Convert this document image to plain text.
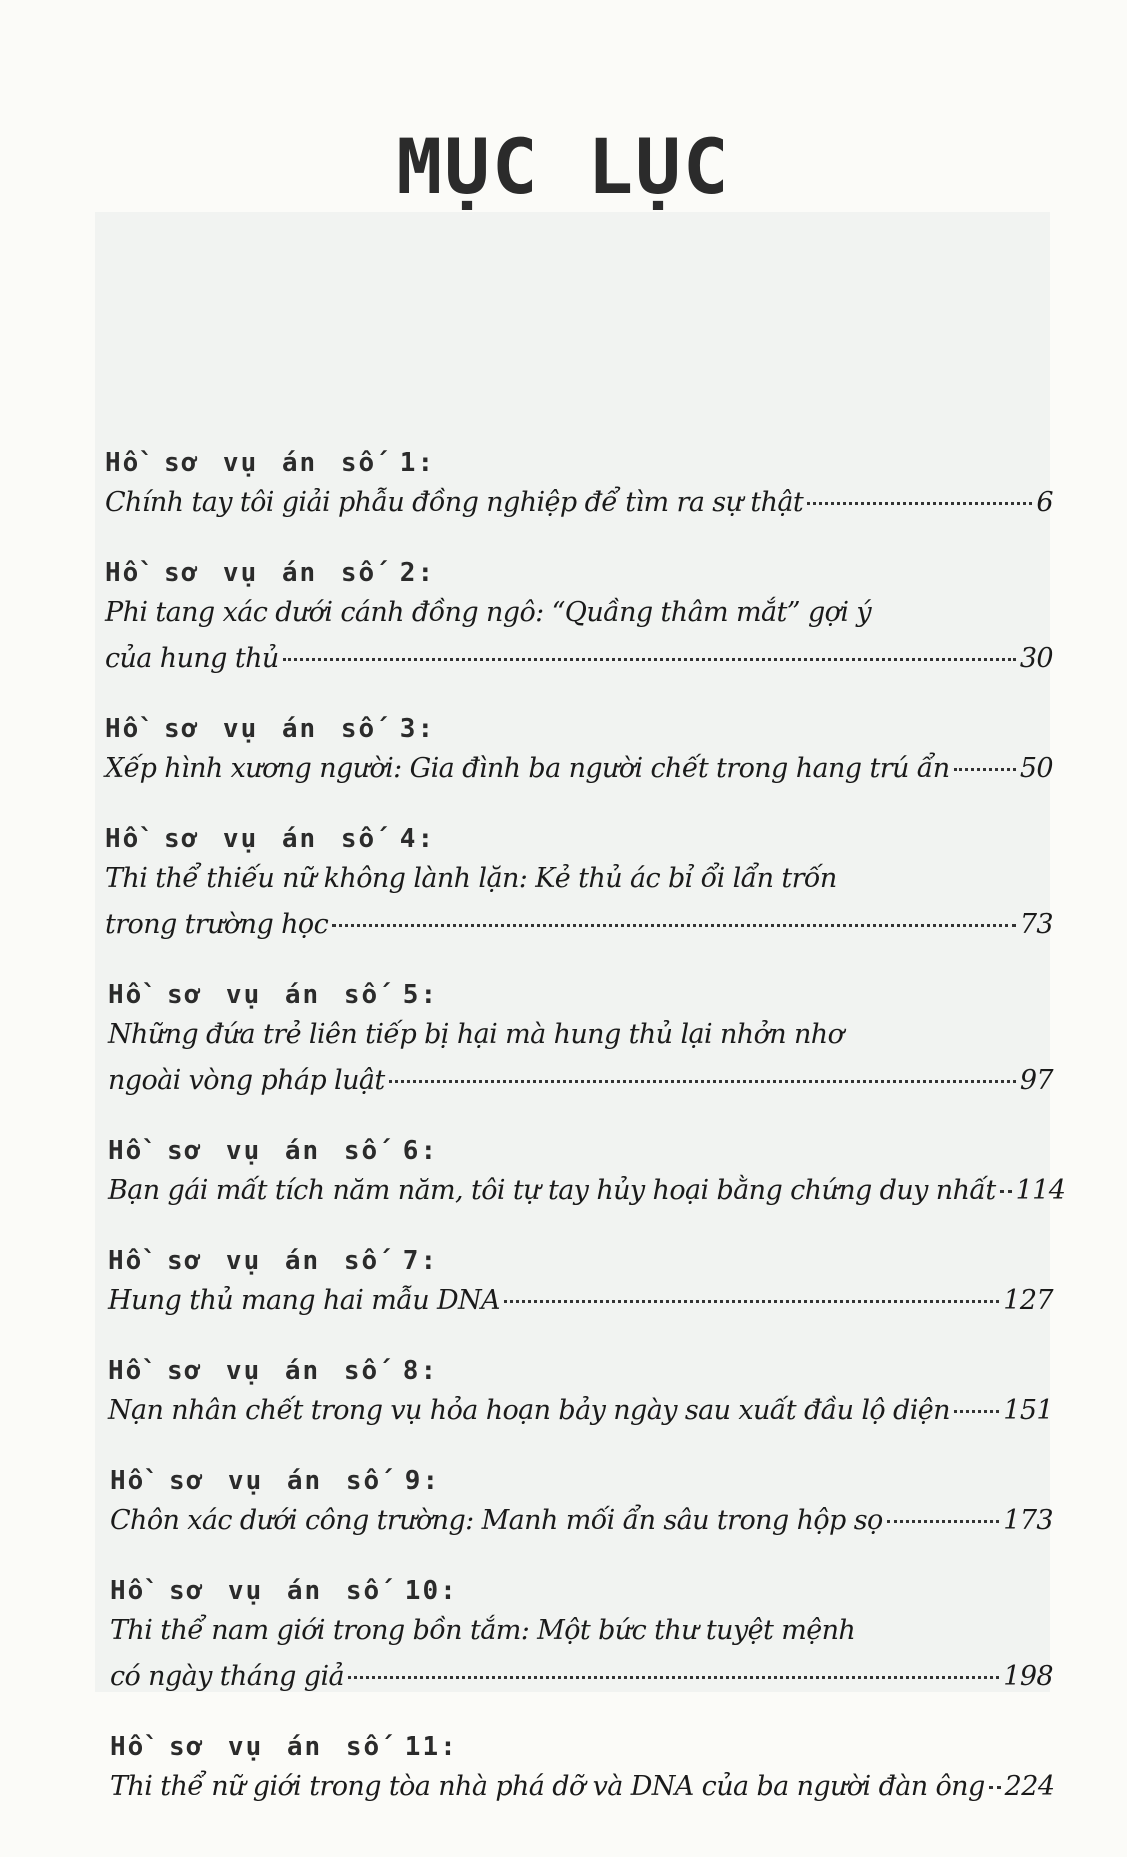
MỤC LỤC
Hồ sơ vụ án số 1:
Chính tay tôi giải phẫu đồng nghiệp để tìm ra sự thật	6
Hồ sơ vụ án số 2:
Phi tang xác dưới cánh đồng ngô: “Quầng thâm mắt” gợi ý
của hung thủ	30
Hồ sơ vụ án số 3:
Xếp hình xương người: Gia đình ba người chết trong hang trú ẩn	50
Hồ sơ vụ án số 4:
Thi thể thiếu nữ không lành lặn: Kẻ thủ ác bỉ ổi lẩn trốn
trong trường học	73
Hồ sơ vụ án số 5:
Những đứa trẻ liên tiếp bị hại mà hung thủ lại nhởn nhơ
ngoài vòng pháp luật	97
Hồ sơ vụ án số 6:
Bạn gái mất tích năm năm, tôi tự tay hủy hoại bằng chứng duy nhất 114
Hồ sơ vụ án số 7:
Hung thủ mang hai mẫu DNA	127
Hồ sơ vụ án số 8:
Nạn nhân chết trong vụ hỏa hoạn bảy ngày sau xuất đầu lộ diện 151
Hồ sơ vụ án số 9:
Chôn xác dưới công trường: Manh mối ẩn sâu trong hộp sọ	173
Hồ sơ vụ án số 10:
Thi thể nam giới trong bồn tắm: Một bức thư tuyệt mệnh
có ngày tháng giả	198
Hồ sơ vụ án số 11:
Thi thể nữ giới trong tòa nhà phá dỡ và DNA của ba người đàn ông 224
